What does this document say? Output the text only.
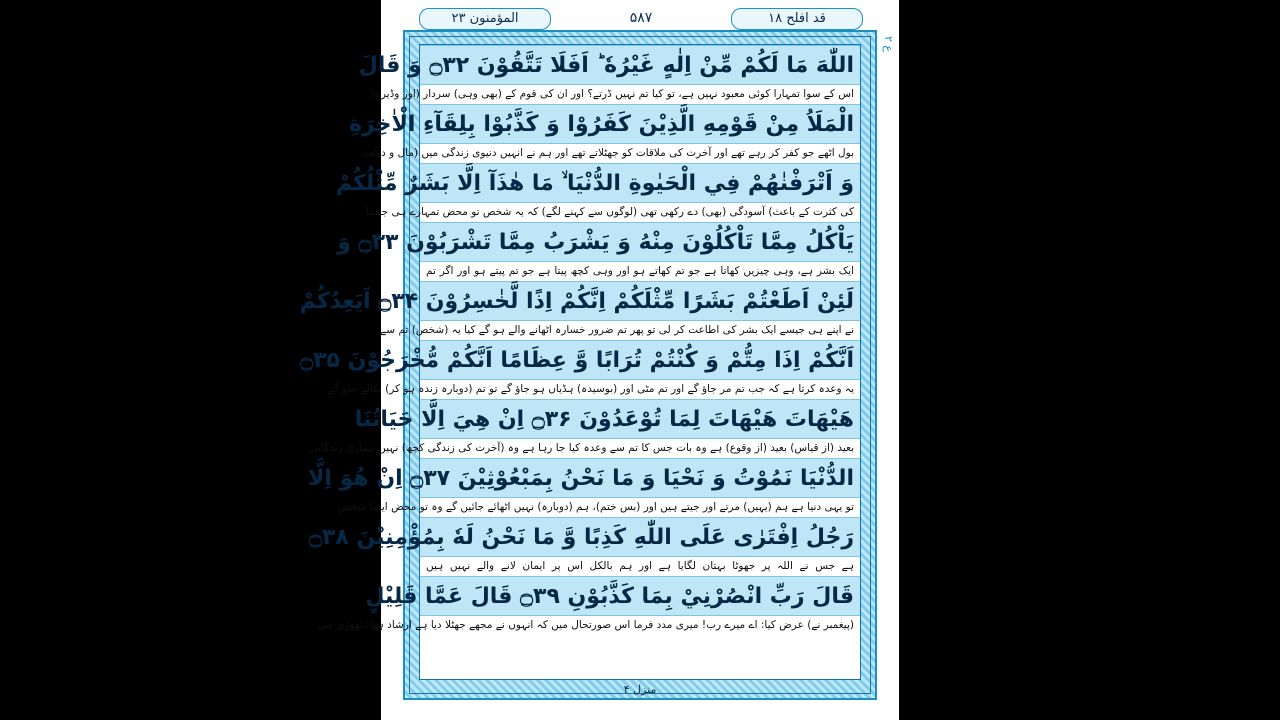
قد افلح ۱۸
۵۸۷
المؤمنون ۲۳
ع ۲
اللّٰهَ مَا لَكُمْ مِّنْ اِلٰهٍ غَيْرُهٗ ؕ اَفَلَا تَتَّقُوْنَ ۝۳۲ وَ قَالَ
اس کے سوا تمہارا کوئی معبود نہیں ہے، تو کیا تم نہیں ڈرتے؟ اور ان کی قوم کے (بھی وہی) سردار (اور وڈیرے)
الْمَلَاُ مِنْ قَوْمِهِ الَّذِيْنَ كَفَرُوْا وَ كَذَّبُوْا بِلِقَآءِ الْاٰخِرَةِ
بول اٹھے جو کفر کر رہے تھے اور آخرت کی ملاقات کو جھٹلاتے تھے اور ہم نے انہیں دنیوی زندگی میں (مال و دولت
وَ اَتْرَفْنٰهُمْ فِي الْحَيٰوةِ الدُّنْيَا ۙ مَا هٰذَآ اِلَّا بَشَرٌ مِّثْلُكُمْ
کی کثرت کے باعث) آسودگی (بھی) دے رکھی تھی (لوگوں سے کہنے لگے) کہ یہ شخص تو محض تمہارے ہی جیسا
يَاْكُلُ مِمَّا تَاْكُلُوْنَ مِنْهُ وَ يَشْرَبُ مِمَّا تَشْرَبُوْنَ ۝۳۳ وَ
ایک بشر ہے، وہی چیزیں کھاتا ہے جو تم کھاتے ہو اور وہی کچھ پیتا ہے جو تم پیتے ہو اور اگر تم
لَئِنْ اَطَعْتُمْ بَشَرًا مِّثْلَكُمْ اِنَّكُمْ اِذًا لَّخٰسِرُوْنَ ۝۳۴ اَيَعِدُكُمْ
نے اپنے ہی جیسے ایک بشر کی اطاعت کر لی تو پھر تم ضرور خسارہ اٹھانے والے ہو گے کیا یہ (شخص) تم سے
اَنَّكُمْ اِذَا مِتُّمْ وَ كُنْتُمْ تُرَابًا وَّ عِظَامًا اَنَّكُمْ مُّخْرَجُوْنَ ۝۳۵
یہ وعدہ کرتا ہے کہ جب تم مر جاؤ گے اور تم مٹی اور (بوسیدہ) ہڈیاں ہو جاؤ گے تو تم (دوبارہ زندہ ہو کر) نکالے جاؤ گے
هَيْهَاتَ هَيْهَاتَ لِمَا تُوْعَدُوْنَ ۝۳۶ اِنْ هِيَ اِلَّا حَيَاتُنَا
بعید (از قیاس) بعید (از وقوع) ہے وہ بات جس کا تم سے وعدہ کیا جا رہا ہے وہ (آخرت کی زندگی کچھ) نہیں ہماری زندگانی
الدُّنْيَا نَمُوْتُ وَ نَحْيَا وَ مَا نَحْنُ بِمَبْعُوْثِيْنَ ۝۳۷ اِنْ هُوَ اِلَّا
تو یہی دنیا ہے ہم (یہیں) مرتے اور جیتے ہیں اور (بس ختم)، ہم (دوبارہ) نہیں اٹھائے جائیں گے وہ تو محض ایسا شخص
رَجُلُ اِفْتَرٰى عَلَى اللّٰهِ كَذِبًا وَّ مَا نَحْنُ لَهٗ بِمُؤْمِنِيْنَ ۝۳۸
ہے جس نے اللہ پر جھوٹا بہتان لگایا ہے اور ہم بالکل اس پر ایمان لانے والے نہیں ہیں
قَالَ رَبِّ انْصُرْنِيْ بِمَا كَذَّبُوْنِ ۝۳۹ قَالَ عَمَّا قَلِيْلٍ
(پیغمبر نے) عرض کیا: اے میرے رب! میری مدد فرما اس صورتحال میں کہ انہوں نے مجھے جھٹلا دیا ہے ارشاد ہوا: تھوڑی ہی
منزل ۴
